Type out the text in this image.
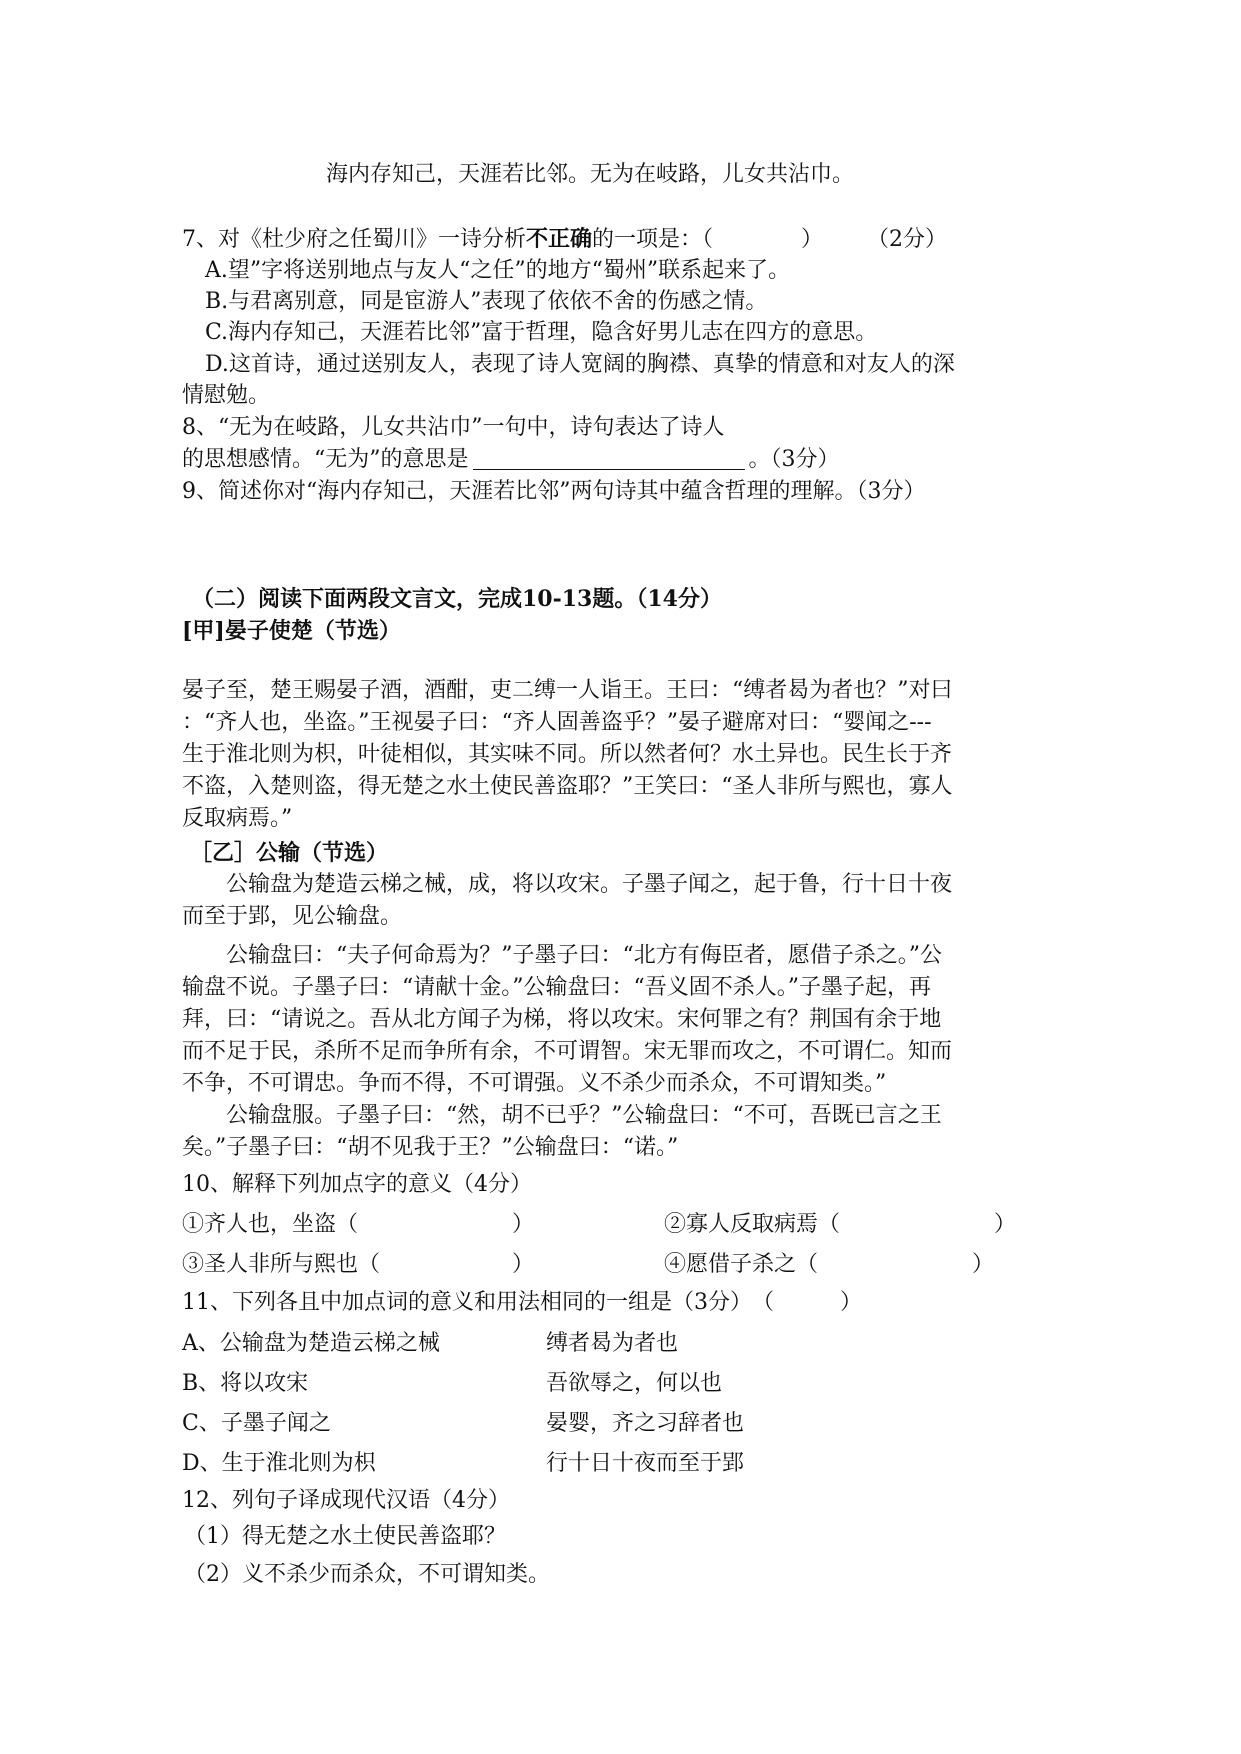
海内存知己，天涯若比邻。无为在岐路，儿女共沾巾。
7、对《杜少府之任蜀川》一诗分析不正确的一项是：（　　　　）　　　（2分）
A.望”字将送别地点与友人“之任”的地方“蜀州”联系起来了。
B.与君离别意，同是宦游人”表现了依依不舍的伤感之情。
C.海内存知己，天涯若比邻”富于哲理，隐含好男儿志在四方的意思。
D.这首诗，通过送别友人，表现了诗人宽阔的胸襟、真挚的情意和对友人的深
情慰勉。
8、“无为在岐路，儿女共沾巾”一句中，诗句表达了诗人
的思想感情。“无为”的意思是	。（3分）
9、简述你对“海内存知己，天涯若比邻”两句诗其中蕴含哲理的理解。（3分）
（二）阅读下面两段文言文，完成10-13题。（14分）
[甲]晏子使楚（节选）
晏子至，楚王赐晏子酒，酒酣，吏二缚一人诣王。王曰：“缚者曷为者也？”对曰
：“齐人也，坐盗。”王视晏子曰：“齐人固善盗乎？”晏子避席对曰：“婴闻之---
生于淮北则为枳，叶徒相似，其实味不同。所以然者何？水土异也。民生长于齐
不盗，入楚则盗，得无楚之水土使民善盗耶？”王笑曰：“圣人非所与熙也，寡人
反取病焉。”
［乙］公输（节选）
　　公输盘为楚造云梯之械，成，将以攻宋。子墨子闻之，起于鲁，行十日十夜
而至于郢，见公输盘。
　　公输盘曰：“夫子何命焉为？”子墨子曰：“北方有侮臣者，愿借子杀之。”公
输盘不说。子墨子曰：“请献十金。”公输盘曰：“吾义固不杀人。”子墨子起，再
拜，曰：“请说之。吾从北方闻子为梯，将以攻宋。宋何罪之有？荆国有余于地
而不足于民，杀所不足而争所有余，不可谓智。宋无罪而攻之，不可谓仁。知而
不争，不可谓忠。争而不得，不可谓强。义不杀少而杀众，不可谓知类。”
　　公输盘服。子墨子曰：“然，胡不已乎？”公输盘曰：“不可，吾既已言之王
矣。”子墨子曰：“胡不见我于王？”公输盘曰：“诺。”
10、解释下列加点字的意义（4分）
①齐人也，坐盗（　　　　　　　）	②寡人反取病焉（　　　　　　　）
③圣人非所与熙也（　　　　　　）	④愿借子杀之（　　　　　　　）
11、下列各且中加点词的意义和用法相同的一组是（3分）　（　　　）
A、公输盘为楚造云梯之械	缚者曷为者也
B、将以攻宋	吾欲辱之，何以也
C、子墨子闻之	晏婴，齐之习辞者也
D、生于淮北则为枳	行十日十夜而至于郢
12、列句子译成现代汉语（4分）
（1）得无楚之水土使民善盗耶？
（2）义不杀少而杀众，不可谓知类。
